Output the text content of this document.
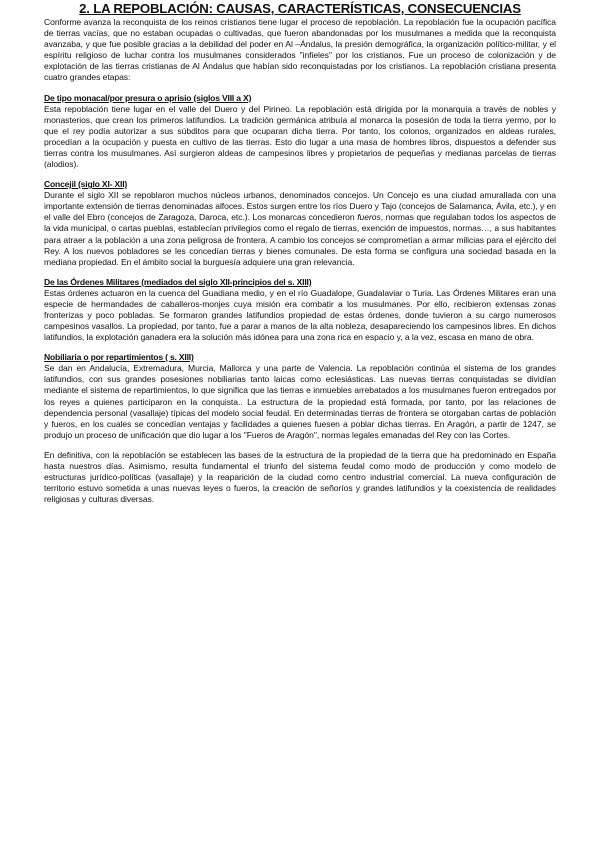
2. LA REPOBLACIÓN: CAUSAS, CARACTERÍSTICAS, CONSECUENCIAS

Conforme avanza la reconquista de los reinos cristianos tiene lugar el proceso de repoblación. La repoblación fue la ocupación pacífica de tierras vacías, que no estaban ocupadas o cultivadas, que fueron abandonadas por los musulmanes a medida que la reconquista avanzaba, y que fue posible gracias a la debilidad del poder en Al –Ándalus, la presión demográfica, la organización político-militar, y el espíritu religioso de luchar contra los musulmanes considerados "infieles" por los cristianos. Fue un proceso de colonización y de explotación de las tierras cristianas de Al Ándalus que habían sido reconquistadas por los cristianos. La repoblación cristiana presenta cuatro grandes etapas:

De tipo monacal/por presura o aprisio (siglos VIII a X)

Esta repoblación tiene lugar en el valle del Duero y del Pirineo. La repoblación está dirigida por la monarquía a través de nobles y monasterios, que crean los primeros latifundios. La tradición germánica atribuía al monarca la posesión de toda la tierra yermo, por lo que el rey podía autorizar a sus súbditos para que ocuparan dicha tierra. Por tanto, los colonos, organizados en aldeas rurales, procedían a la ocupación y puesta en cultivo de las tierras. Esto dio lugar a una masa de hombres libros, dispuestos a defender sus tierras contra los musulmanes. Así surgieron aldeas de campesinos libres y propietarios de pequeñas y medianas parcelas de tierras (alodios).

Concejil (siglo XI- XII)

Durante el siglo XII se repoblaron muchos núcleos urbanos, denominados concejos. Un Concejo es una ciudad amurallada con una importante extensión de tierras denominadas alfoces. Estos surgen entre los ríos Duero y Tajo (concejos de Salamanca, Ávila, etc.), y en el valle del Ebro (concejos de Zaragoza, Daroca, etc.). Los monarcas concedieron fueros, normas que regulaban todos los aspectos de la vida municipal, o cartas pueblas, establecían privilegios como el regalo de tierras, exención de impuestos, normas…, a sus habitantes para atraer a la población a una zona peligrosa de frontera. A cambio los concejos se comprometían a armar milicias para el ejército del Rey. A los nuevos pobladores se les concedían tierras y bienes comunales. De esta forma se configura una sociedad basada en la mediana propiedad. En el ámbito social la burguesía adquiere una gran relevancia.

De las Órdenes Militares (mediados del siglo XII-principios del s. XIII)

Estas órdenes actuaron en la cuenca del Guadiana medio, y en el río Guadalope, Guadalaviar o Turia. Las Órdenes Militares eran una especie de hermandades de caballeros-monjes cuya misión era combatir a los musulmanes. Por ello, recibieron extensas zonas fronterizas y poco pobladas. Se formaron grandes latifundios propiedad de estas órdenes, donde tuvieron a su cargo numerosos campesinos vasallos. La propiedad, por tanto, fue a parar a manos de la alta nobleza, desapareciendo los campesinos libres. En dichos latifundios, la explotación ganadera era la solución más idónea para una zona rica en espacio y, a la vez, escasa en mano de obra.

Nobiliaria o por repartimientos ( s. XIII)

Se dan en Andalucía, Extremadura, Murcia, Mallorca y una parte de Valencia. La repoblación continúa el sistema de los grandes latifundios, con sus grandes posesiones nobiliarias tanto laicas como eclesiásticas. Las nuevas tierras conquistadas se dividían mediante el sistema de repartimientos, lo que significa que las tierras e inmuebles arrebatados a los musulmanes fueron entregados por los reyes a quienes participaron en la conquista.. La estructura de la propiedad está formada, por tanto, por las relaciones de dependencia personal (vasallaje) típicas del modelo social feudal. En determinadas tierras de frontera se otorgaban cartas de población y fueros, en los cuales se concedían ventajas y facilidades a quienes fuesen a poblar dichas tierras. En Aragón, a partir de 1247, se produjo un proceso de unificación que dio lugar a los "Fueros de Aragón", normas legales emanadas del Rey con las Cortes.

En definitiva, con la repoblación se establecen las bases de la estructura de la propiedad de la tierra que ha predominado en España hasta nuestros días. Asimismo, resulta fundamental el triunfo del sistema feudal como modo de producción y como modelo de estructuras jurídico-políticas (vasallaje) y la reaparición de la ciudad como centro industrial comercial. La nueva configuración de territorio estuvo sometida a unas nuevas leyes o fueros, la creación de señoríos y grandes latifundios y la coexistencia de realidades religiosas y culturas diversas.
